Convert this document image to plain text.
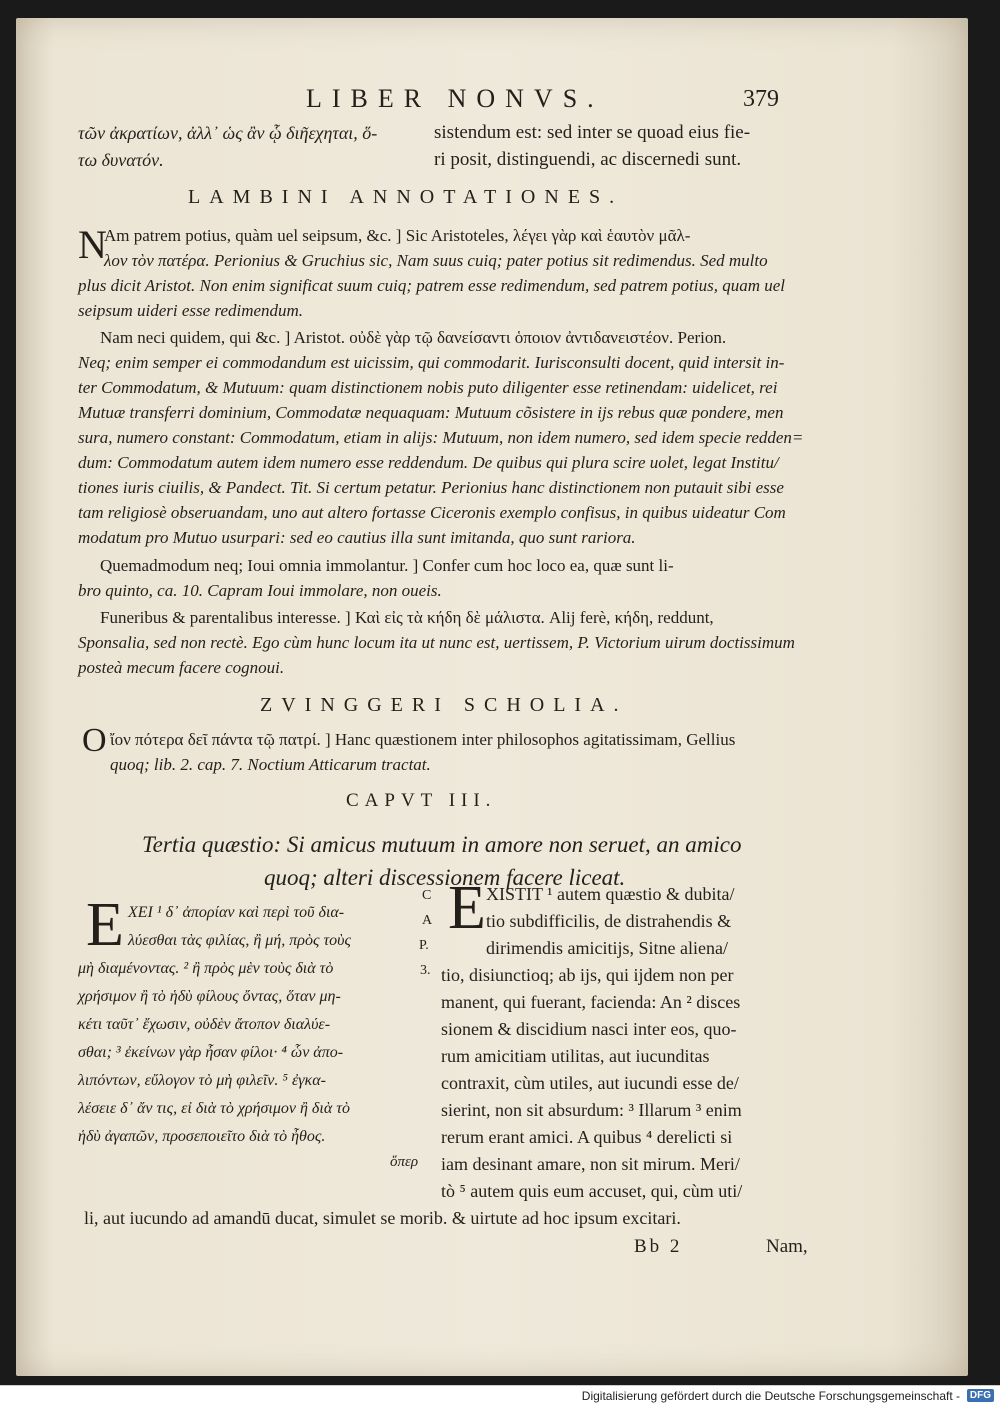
LIBER NONVS.	379
τῶν ἀκρατίων, ἀλλ᾽ ὡς ἂν ᾧ διῆεχηται, ὅ-
τω δυνατόν.
sistendum est: sed inter se quoad eius fie-
ri posit, distinguendi, ac discernedi sunt.
LAMBINI ANNOTATIONES.
N
Am patrem potius, quàm uel seipsum, &c. ] Sic Aristoteles, λέγει γὰρ καὶ ἑαυτὸν μᾶλ-
λον τὸν πατέρα. Perionius & Gruchius sic, Nam suus cuiq; pater potius sit redimendus. Sed multo
plus dicit Aristot. Non enim significat suum cuiq; patrem esse redimendum, sed patrem potius, quam uel
seipsum uideri esse redimendum.
Nam neci quidem, qui &c. ] Aristot. οὐδὲ γὰρ τῷ δανείσαντι ὁποιον ἀντιδανειστέον. Perion.
Neq; enim semper ei commodandum est uicissim, qui commodarit. Iurisconsulti docent, quid intersit in-
ter Commodatum, & Mutuum: quam distinctionem nobis puto diligenter esse retinendam: uidelicet, rei
Mutuæ transferri dominium, Commodatæ nequaquam: Mutuum cõsistere in ijs rebus quæ pondere, men
sura, numero constant: Commodatum, etiam in alijs: Mutuum, non idem numero, sed idem specie redden=
dum: Commodatum autem idem numero esse reddendum. De quibus qui plura scire uolet, legat Institu/
tiones iuris ciuilis, & Pandect. Tit. Si certum petatur. Perionius hanc distinctionem non putauit sibi esse
tam religiosè obseruandam, uno aut altero fortasse Ciceronis exemplo confisus, in quibus uideatur Com
modatum pro Mutuo usurpari: sed eo cautius illa sunt imitanda, quo sunt rariora.
Quemadmodum neq; Ioui omnia immolantur. ] Confer cum hoc loco ea, quæ sunt li-
bro quinto, ca. 10. Capram Ioui immolare, non oueis.
Funeribus & parentalibus interesse. ] Καὶ εἰς τὰ κήδη δὲ μάλιστα. Alij ferè, κήδη, reddunt,
Sponsalia, sed non rectè. Ego cùm hunc locum ita ut nunc est, uertissem, P. Victorium uirum doctissimum
posteà mecum facere cognoui.
ZVINGGERI SCHOLIA.
O ἴον πότερα δεῖ πάντα τῷ πατρί. ] Hanc quæstionem inter philosophos agitatissimam, Gellius
quoq; lib. 2. cap. 7. Noctium Atticarum tractat.
CAPVT III.
Tertia quæstio: Si amicus mutuum in amore non seruet, an amico
quoq; alteri discessionem facere liceat.
E ΧΕΙ ¹ δ᾽ ἀπορίαν καὶ περὶ τοῦ δια-
λύεσθαι τὰς φιλίας, ἢ μή, πρὸς τοὺς
μὴ διαμένοντας. ² ἢ πρὸς μὲν τοὺς διὰ τὸ
χρήσιμον ἢ τὸ ἡδὺ φίλους ὄντας, ὅταν μη-
κέτι ταῦτ᾽ ἔχωσιν, οὐδὲν ἄτοπον διαλύε-
σθαι; ³ ἐκείνων γὰρ ἦσαν φίλοι· ⁴ ὧν ἀπο-
λιπόντων, εὔλογον τὸ μὴ φιλεῖν. ⁵ ἐγκα-
λέσειε δ᾽ ἄν τις, εἰ διὰ τὸ χρήσιμον ἢ διὰ τὸ
ἡδὺ ἀγαπῶν, προσεποιεῖτο διὰ τὸ ἦθος.
ὅπερ
C
A
P.
3.
E XISTIT ¹ autem quæstio & dubita/
tio subdifficilis, de distrahendis &
dirimendis amicitijs, Sitne aliena/
tio, disiunctioq; ab ijs, qui ijdem non per
manent, qui fuerant, facienda: An ² disces
sionem & discidium nasci inter eos, quo-
rum amicitiam utilitas, aut iucunditas
contraxit, cùm utiles, aut iucundi esse de/
sierint, non sit absurdum: ³ Illarum ³ enim
rerum erant amici. A quibus ⁴ derelicti si
iam desinant amare, non sit mirum. Meri/
tò ⁵ autem quis eum accuset, qui, cùm uti/
li, aut iucundo ad amandū ducat, simulet se morib. & uirtute ad hoc ipsum excitari.
Bb 2	Nam,
Digitalisierung gefördert durch die Deutsche Forschungsgemeinschaft - DFG
